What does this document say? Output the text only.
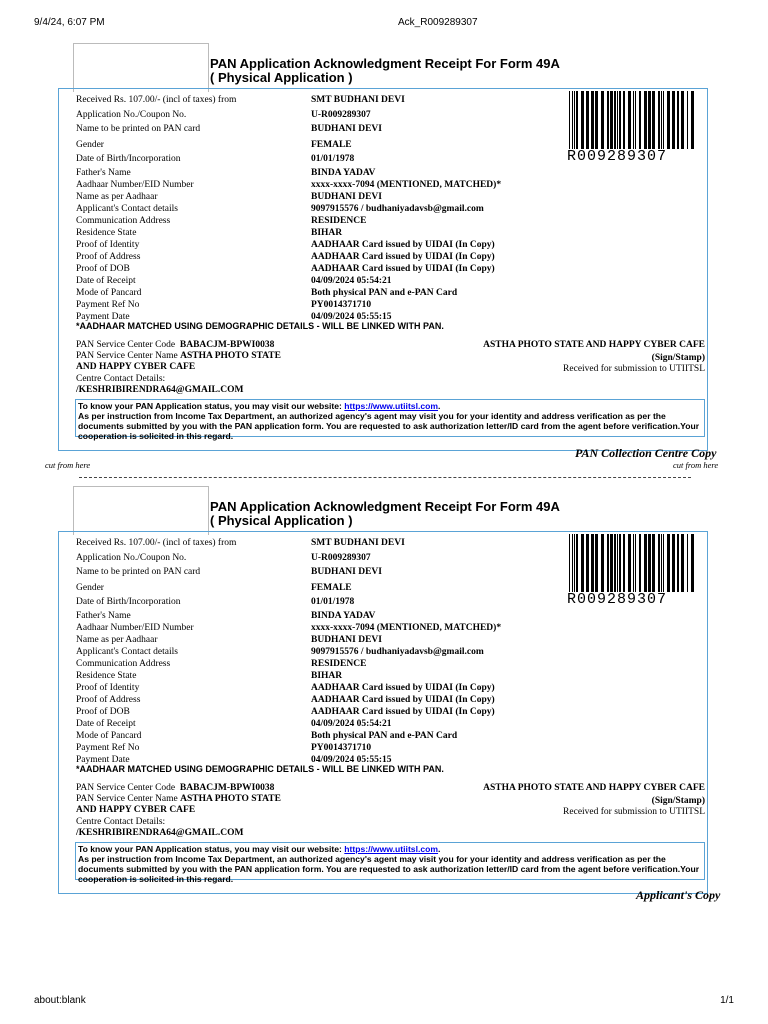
9/4/24, 6:07 PM	Ack_R009289307
PAN Application Acknowledgment Receipt For Form 49A
( Physical Application )
Received Rs. 107.00/- (incl of taxes) from	SMT BUDHANI DEVI
Application No./Coupon No.	U-R009289307
Name to be printed on PAN card	BUDHANI DEVI
Gender	FEMALE
Date of Birth/Incorporation	01/01/1978
Father's Name	BINDA YADAV
Aadhaar Number/EID Number	xxxx-xxxx-7094 (MENTIONED, MATCHED)*
Name as per Aadhaar	BUDHANI DEVI
Applicant's Contact details	9097915576 / budhaniyadavsb@gmail.com
Communication Address	RESIDENCE
Residence State	BIHAR
Proof of Identity	AADHAAR Card issued by UIDAI (In Copy)
Proof of Address	AADHAAR Card issued by UIDAI (In Copy)
Proof of DOB	AADHAAR Card issued by UIDAI (In Copy)
Date of Receipt	04/09/2024 05:54:21
Mode of Pancard	Both physical PAN and e-PAN Card
Payment Ref No	PY0014371710
Payment Date	04/09/2024 05:55:15
R009289307
*AADHAAR MATCHED USING DEMOGRAPHIC DETAILS - WILL BE LINKED WITH PAN.
PAN Service Center Code BABACJM-BPWI0038
PAN Service Center Name ASTHA PHOTO STATE
AND HAPPY CYBER CAFE
Centre Contact Details:
/KESHRIBIRENDRA64@GMAIL.COM
ASTHA PHOTO STATE AND HAPPY CYBER CAFE
(Sign/Stamp)
Received for submission to UTIITSL
To know your PAN Application status, you may visit our website: https://www.utiitsl.com.
As per instruction from Income Tax Department, an authorized agency's agent may visit you for your identity and address verification as per the documents submitted by you with the PAN application form. You are requested to ask authorization letter/ID card from the agent before verification.Your cooperation is solicited in this regard.
PAN Collection Centre Copy
cut from here	cut from here
PAN Application Acknowledgment Receipt For Form 49A
( Physical Application )
Received Rs. 107.00/- (incl of taxes) from	SMT BUDHANI DEVI
Application No./Coupon No.	U-R009289307
Name to be printed on PAN card	BUDHANI DEVI
Gender	FEMALE
Date of Birth/Incorporation	01/01/1978
Father's Name	BINDA YADAV
Aadhaar Number/EID Number	xxxx-xxxx-7094 (MENTIONED, MATCHED)*
Name as per Aadhaar	BUDHANI DEVI
Applicant's Contact details	9097915576 / budhaniyadavsb@gmail.com
Communication Address	RESIDENCE
Residence State	BIHAR
Proof of Identity	AADHAAR Card issued by UIDAI (In Copy)
Proof of Address	AADHAAR Card issued by UIDAI (In Copy)
Proof of DOB	AADHAAR Card issued by UIDAI (In Copy)
Date of Receipt	04/09/2024 05:54:21
Mode of Pancard	Both physical PAN and e-PAN Card
Payment Ref No	PY0014371710
Payment Date	04/09/2024 05:55:15
R009289307
*AADHAAR MATCHED USING DEMOGRAPHIC DETAILS - WILL BE LINKED WITH PAN.
PAN Service Center Code BABACJM-BPWI0038
PAN Service Center Name ASTHA PHOTO STATE
AND HAPPY CYBER CAFE
Centre Contact Details:
/KESHRIBIRENDRA64@GMAIL.COM
ASTHA PHOTO STATE AND HAPPY CYBER CAFE
(Sign/Stamp)
Received for submission to UTIITSL
To know your PAN Application status, you may visit our website: https://www.utiitsl.com.
As per instruction from Income Tax Department, an authorized agency's agent may visit you for your identity and address verification as per the documents submitted by you with the PAN application form. You are requested to ask authorization letter/ID card from the agent before verification.Your cooperation is solicited in this regard.
Applicant's Copy
about:blank	1/1
